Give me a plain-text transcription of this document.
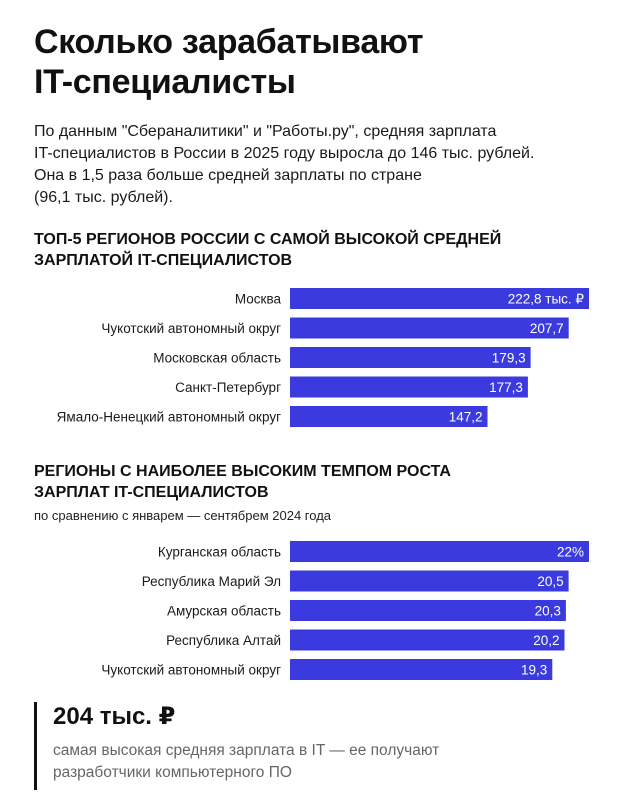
Сколько зарабатывают
IT-специалисты
По данным "Сбераналитики" и "Работы.ру", средняя зарплата
IT-специалистов в России в 2025 году выросла до 146 тыс. рублей.
Она в 1,5 раза больше средней зарплаты по стране
(96,1 тыс. рублей).
ТОП-5 РЕГИОНОВ РОССИИ С САМОЙ ВЫСОКОЙ СРЕДНЕЙ
ЗАРПЛАТОЙ IT-СПЕЦИАЛИСТОВ
Москва	222,8 тыс. ₽
Чукотский автономный округ	207,7
Московская область	179,3
Санкт-Петербург	177,3
Ямало-Ненецкий автономный округ	147,2
РЕГИОНЫ С НАИБОЛЕЕ ВЫСОКИМ ТЕМПОМ РОСТА
ЗАРПЛАТ IT-СПЕЦИАЛИСТОВ
по сравнению с январем — сентябрем 2024 года
Курганская область	22%
Республика Марий Эл	20,5
Амурская область	20,3
Республика Алтай	20,2
Чукотский автономный округ	19,3
204 тыс. ₽
самая высокая средняя зарплата в IT — ее получают
разработчики компьютерного ПО
